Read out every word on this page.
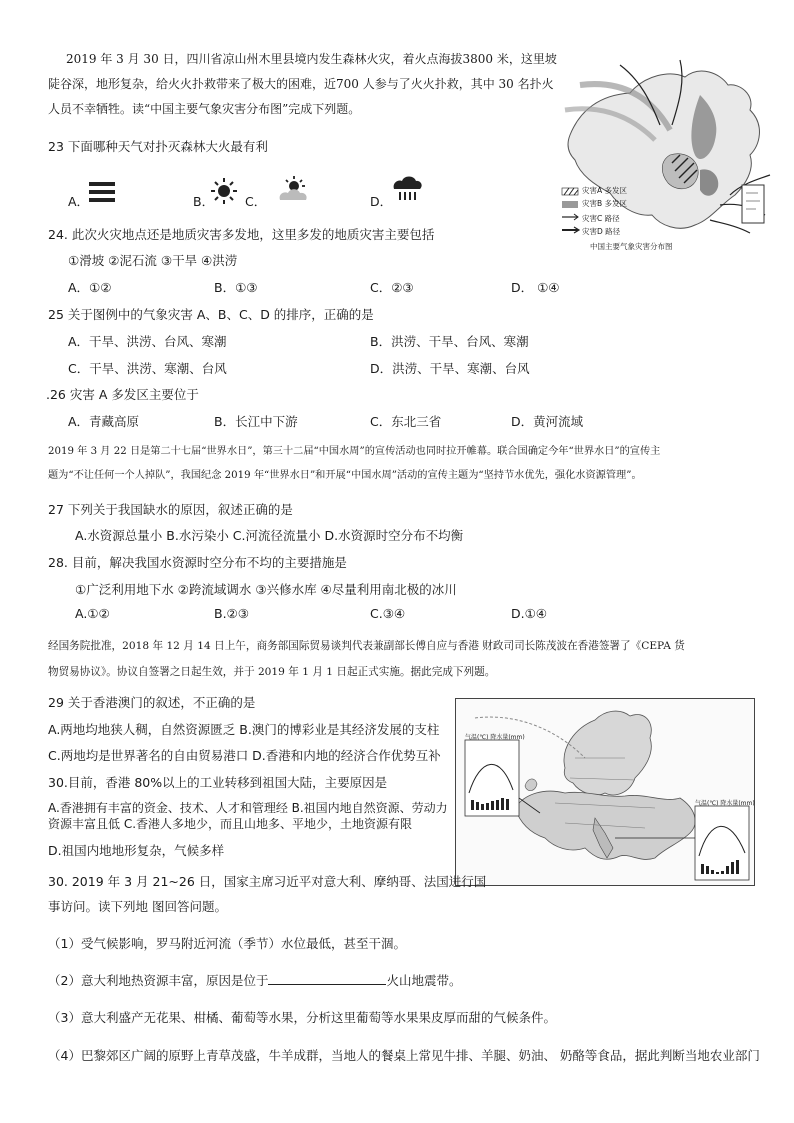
2019 年 3 月 30 日，四川省凉山州木里县境内发生森林火灾，着火点海拔3800 米，这里坡
陡谷深，地形复杂，给火火扑救带来了极大的困难，近700 人参与了火火扑救，其中 30 名扑火
人员不幸牺牲。读“中国主要气象灾害分布图”完成下列题。
灾害A 多发区
灾害B 多发区
灾害C 路径
灾害D 路径
中国主要气象灾害分布图
23 下面哪种天气对扑灭森林大火最有利
A．	B． C．	D．
24. 此次火灾地点还是地质灾害多发地，这里多发的地质灾害主要包括
①滑坡 ②泥石流 ③干旱 ④洪涝
A．①②	B．①③	C．②③	D． ①④
25 关于图例中的气象灾害 A、B、C、D 的排序，正确的是
A．干旱、洪涝、台风、寒潮	B．洪涝、干旱、台风、寒潮
C．干旱、洪涝、寒潮、台风	D．洪涝、干旱、寒潮、台风
.26 灾害 A 多发区主要位于
A．青藏高原	B．长江中下游	C．东北三省	D．黄河流域
2019 年 3 月 22 日是第二十七届“世界水日”，第三十二届“中国水周”的宣传活动也同时拉开帷幕。联合国确定今年“世界水日”的宣传主
题为“不让任何一个人掉队”，我国纪念 2019 年“世界水日”和开展“中国水周”活动的宣传主题为“坚持节水优先，强化水资源管理”。
27 下列关于我国缺水的原因，叙述正确的是
A.水资源总量小 B.水污染小 C.河流径流量小 D.水资源时空分布不均衡
28. 目前，解决我国水资源时空分布不均的主要措施是
①广泛利用地下水 ②跨流域调水 ③兴修水库 ④尽量利用南北极的冰川
A.①②	B.②③	C.③④	D.①④
经国务院批准，2018 年 12 月 14 日上午，商务部国际贸易谈判代表兼副部长傅自应与香港 财政司司长陈茂波在香港签署了《CEPA 货
物贸易协议》。协议自签署之日起生效，并于 2019 年 1 月 1 日起正式实施。据此完成下列题。
29 关于香港澳门的叙述，不正确的是
A.两地均地狭人稠，自然资源匮乏 B.澳门的博彩业是其经济发展的支柱
C.两地均是世界著名的自由贸易港口 D.香港和内地的经济合作优势互补
30.目前，香港 80%以上的工业转移到祖国大陆，主要原因是
A.香港拥有丰富的资金、技术、人才和管理经 B.祖国内地自然资源、劳动力
资源丰富且低 C.香港人多地少，而且山地多、平地少，土地资源有限
D.祖国内地地形复杂，气候多样
气温(℃) 降水量(mm)
气温(℃) 降水量(mm)
30. 2019 年 3 月 21~26 日，国家主席习近平对意大利、摩纳哥、法国进行国
事访问。读下列地 图回答问题。
（1）受气候影响，罗马附近河流（季节）水位最低，甚至干涸。
（2）意大利地热资源丰富，原因是位于	火山地震带。
（3）意大利盛产无花果、柑橘、葡萄等水果，分析这里葡萄等水果果皮厚而甜的气候条件。
（4）巴黎郊区广阔的原野上青草茂盛，牛羊成群，当地人的餐桌上常见牛排、羊腿、奶油、 奶酪等食品，据此判断当地农业部门
